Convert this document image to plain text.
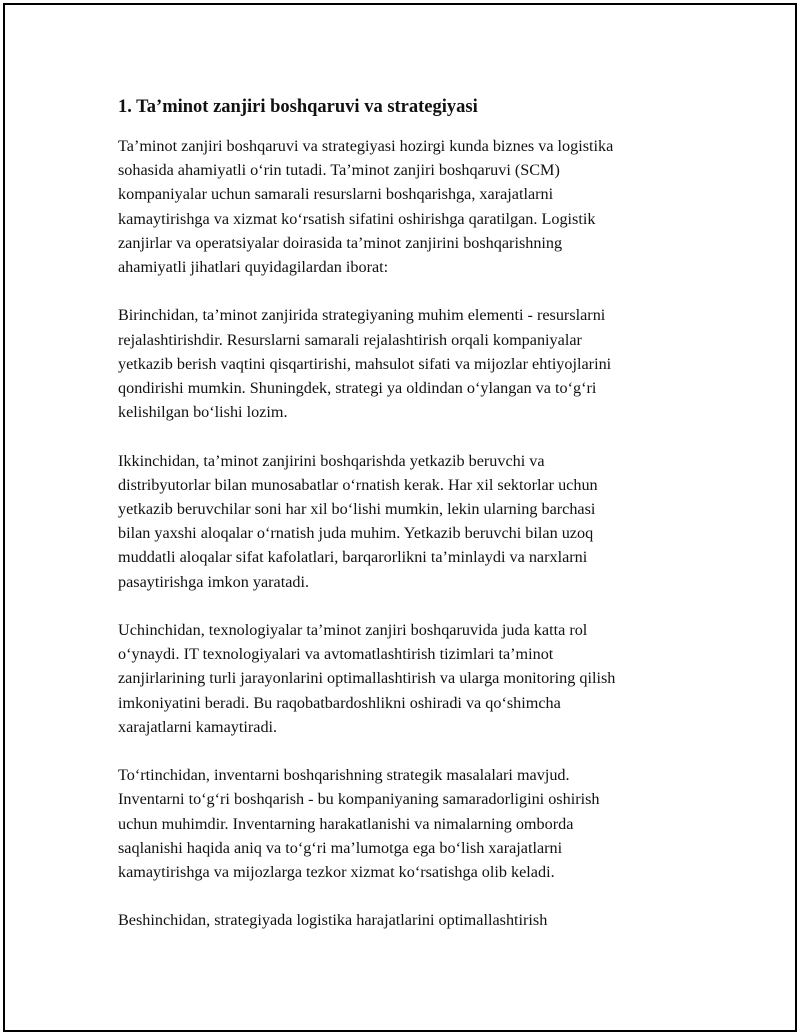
1. Ta’minot zanjiri boshqaruvi va strategiyasi

Ta’minot zanjiri boshqaruvi va strategiyasi hozirgi kunda biznes va logistika
sohasida ahamiyatli o‘rin tutadi. Ta’minot zanjiri boshqaruvi (SCM)
kompaniyalar uchun samarali resurslarni boshqarishga, xarajatlarni
kamaytirishga va xizmat ko‘rsatish sifatini oshirishga qaratilgan. Logistik
zanjirlar va operatsiyalar doirasida ta’minot zanjirini boshqarishning
ahamiyatli jihatlari quyidagilardan iborat:

Birinchidan, ta’minot zanjirida strategiyaning muhim elementi - resurslarni
rejalashtirishdir. Resurslarni samarali rejalashtirish orqali kompaniyalar
yetkazib berish vaqtini qisqartirishi, mahsulot sifati va mijozlar ehtiyojlarini
qondirishi mumkin. Shuningdek, strategi ya oldindan o‘ylangan va to‘g‘ri
kelishilgan bo‘lishi lozim.

Ikkinchidan, ta’minot zanjirini boshqarishda yetkazib beruvchi va
distribyutorlar bilan munosabatlar o‘rnatish kerak. Har xil sektorlar uchun
yetkazib beruvchilar soni har xil bo‘lishi mumkin, lekin ularning barchasi
bilan yaxshi aloqalar o‘rnatish juda muhim. Yetkazib beruvchi bilan uzoq
muddatli aloqalar sifat kafolatlari, barqarorlikni ta’minlaydi va narxlarni
pasaytirishga imkon yaratadi.

Uchinchidan, texnologiyalar ta’minot zanjiri boshqaruvida juda katta rol
o‘ynaydi. IT texnologiyalari va avtomatlashtirish tizimlari ta’minot
zanjirlarining turli jarayonlarini optimallashtirish va ularga monitoring qilish
imkoniyatini beradi. Bu raqobatbardoshlikni oshiradi va qo‘shimcha
xarajatlarni kamaytiradi.

To‘rtinchidan, inventarni boshqarishning strategik masalalari mavjud.
Inventarni to‘g‘ri boshqarish - bu kompaniyaning samaradorligini oshirish
uchun muhimdir. Inventarning harakatlanishi va nimalarning omborda
saqlanishi haqida aniq va to‘g‘ri ma’lumotga ega bo‘lish xarajatlarni
kamaytirishga va mijozlarga tezkor xizmat ko‘rsatishga olib keladi.

Beshinchidan, strategiyada logistika harajatlarini optimallashtirish
